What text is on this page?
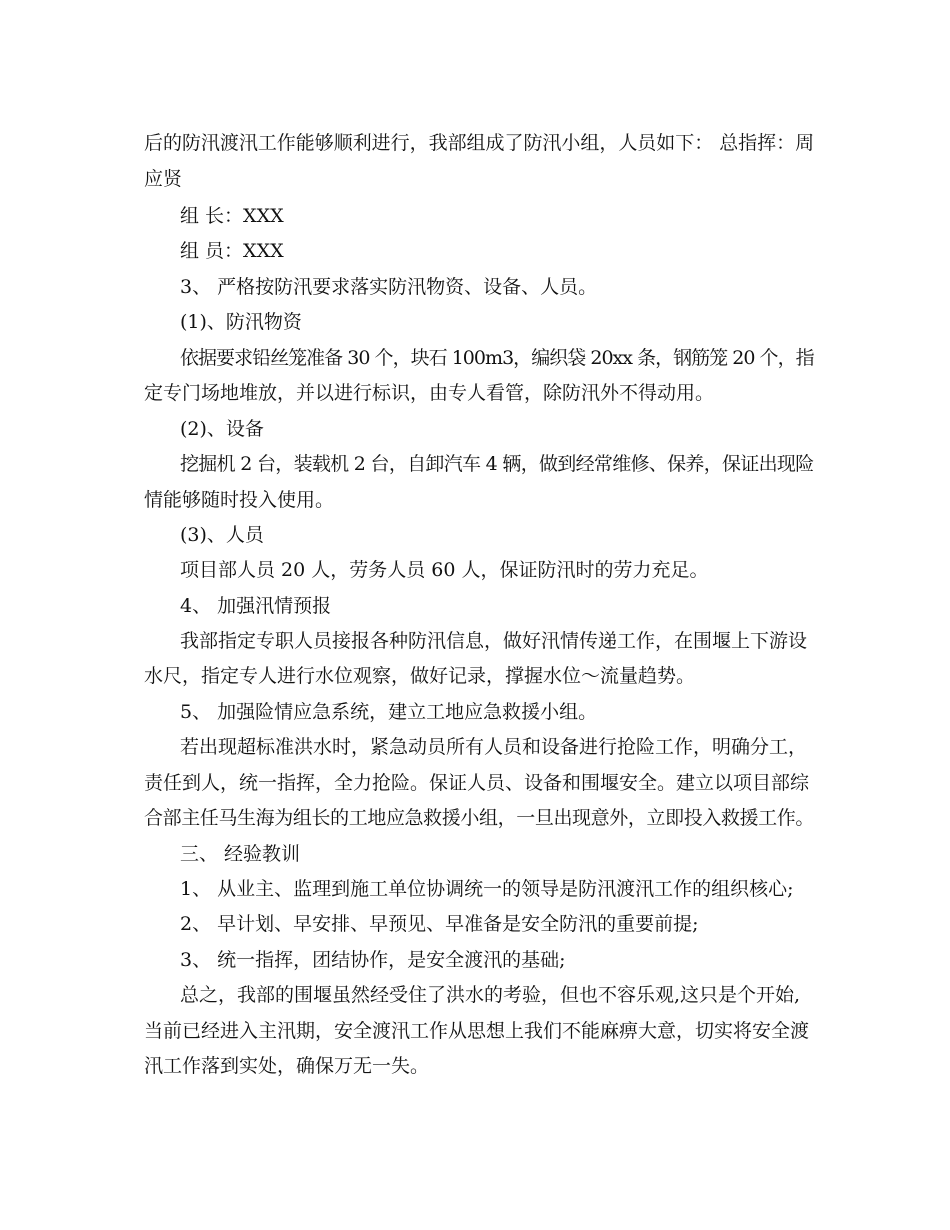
后的防汛渡汛工作能够顺利进行，我部组成了防汛小组，人员如下： 总指挥：周
应贤
组 长：XXX
组 员：XXX
3、 严格按防汛要求落实防汛物资、设备、人员。
(1)、防汛物资
依据要求铅丝笼准备 30 个，块石 100m3，编织袋 20xx 条，钢筋笼 20 个，指
定专门场地堆放，并以进行标识，由专人看管，除防汛外不得动用。
(2)、设备
挖掘机 2 台，装载机 2 台，自卸汽车 4 辆，做到经常维修、保养，保证出现险
情能够随时投入使用。
(3)、人员
项目部人员 20 人，劳务人员 60 人，保证防汛时的劳力充足。
4、 加强汛情预报
我部指定专职人员接报各种防汛信息，做好汛情传递工作，在围堰上下游设
水尺，指定专人进行水位观察，做好记录，撑握水位～流量趋势。
5、 加强险情应急系统，建立工地应急救援小组。
若出现超标准洪水时，紧急动员所有人员和设备进行抢险工作，明确分工，
责任到人，统一指挥，全力抢险。保证人员、设备和围堰安全。建立以项目部综
合部主任马生海为组长的工地应急救援小组，一旦出现意外，立即投入救援工作。
三、 经验教训
1、 从业主、监理到施工单位协调统一的领导是防汛渡汛工作的组织核心;
2、 早计划、早安排、早预见、早准备是安全防汛的重要前提;
3、 统一指挥，团结协作，是安全渡汛的基础;
总之，我部的围堰虽然经受住了洪水的考验，但也不容乐观,这只是个开始,
当前已经进入主汛期，安全渡汛工作从思想上我们不能麻痹大意，切实将安全渡
汛工作落到实处，确保万无一失。
